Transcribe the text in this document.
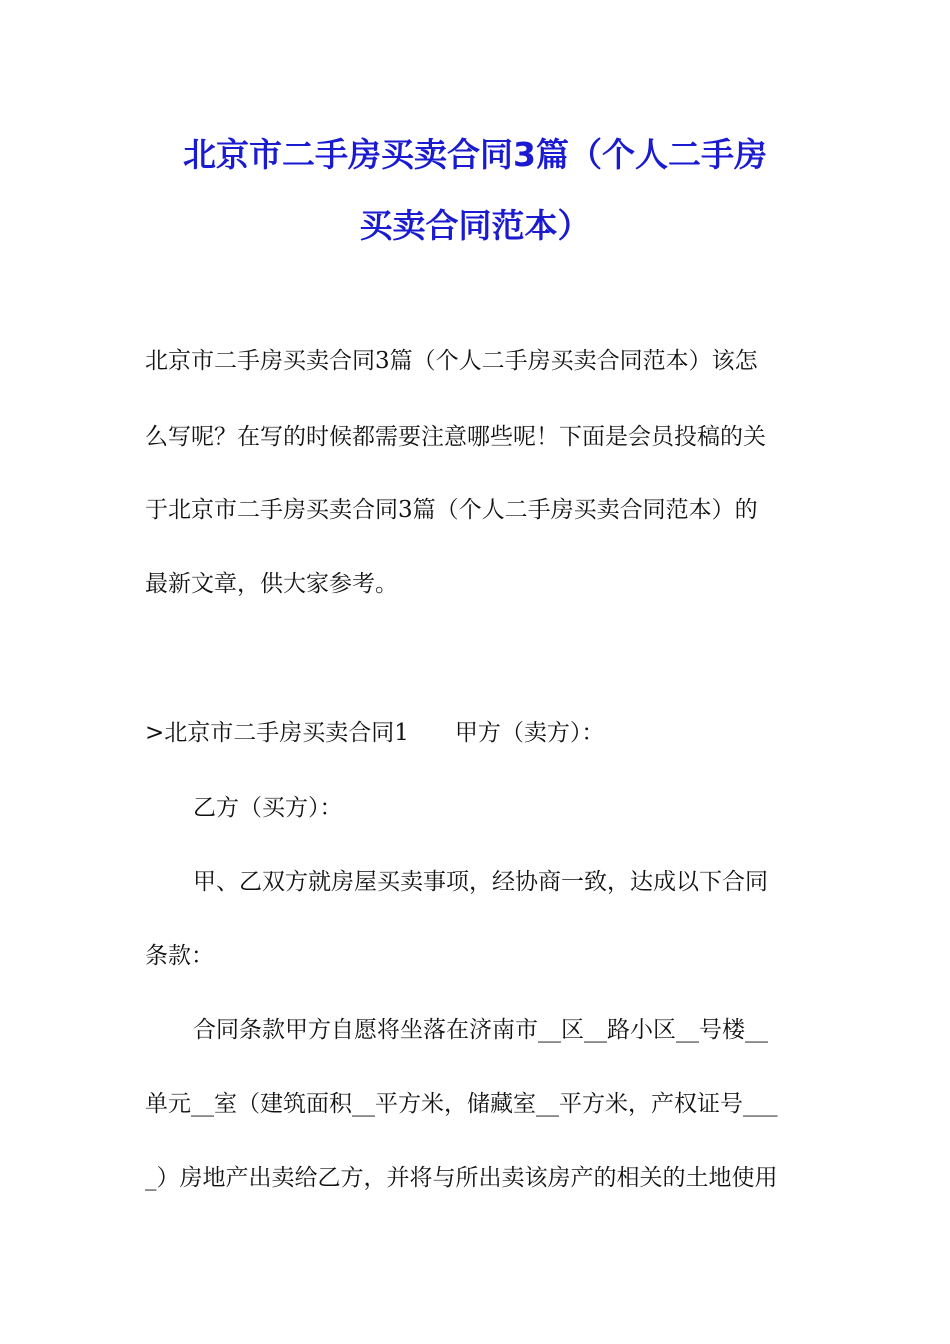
北京市二手房买卖合同3篇（个人二手房
买卖合同范本）
北京市二手房买卖合同3篇（个人二手房买卖合同范本）该怎
么写呢？在写的时候都需要注意哪些呢！下面是会员投稿的关
于北京市二手房买卖合同3篇（个人二手房买卖合同范本）的
最新文章，供大家参考。
>北京市二手房买卖合同1　　甲方（卖方）：
乙方（买方）：
甲、乙双方就房屋买卖事项，经协商一致，达成以下合同
条款：
合同条款甲方自愿将坐落在济南市__区__路小区__号楼__
单元__室（建筑面积__平方米，储藏室__平方米，产权证号___
_）房地产出卖给乙方，并将与所出卖该房产的相关的土地使用
